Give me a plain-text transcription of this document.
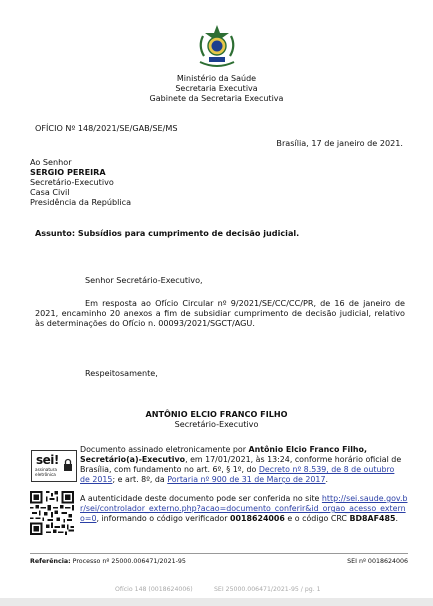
Ministério da Saúde
Secretaria Executiva
Gabinete da Secretaria Executiva
OFÍCIO Nº 148/2021/SE/GAB/SE/MS
Brasília, 17 de janeiro de 2021.
Ao Senhor
SERGIO PEREIRA
Secretário-Executivo
Casa Civil
Presidência da República
Assunto: Subsídios para cumprimento de decisão judicial.
Senhor Secretário-Executivo,
Em resposta ao Ofício Circular nº 9/2021/SE/CC/CC/PR, de 16 de janeiro de 2021, encaminho 20 anexos a fim de subsidiar cumprimento de decisão judicial, relativo às determinações do Ofício n. 00093/2021/SGCT/AGU.
Respeitosamente,
ANTÔNIO ELCIO FRANCO FILHO
Secretário-Executivo
sei!
assinatura
eletrônica
Documento assinado eletronicamente por Antônio Elcio Franco Filho, Secretário(a)-Executivo, em 17/01/2021, às 13:24, conforme horário oficial de Brasília, com fundamento no art. 6º, § 1º, do Decreto nº 8.539, de 8 de outubro de 2015; e art. 8º, da Portaria nº 900 de 31 de Março de 2017.
A autenticidade deste documento pode ser conferida no site http://sei.saude.gov.br/sei/controlador_externo.php?acao=documento_conferir&id_orgao_acesso_externo=0, informando o código verificador 0018624006 e o código CRC BD8AF485.
Referência: Processo nº 25000.006471/2021-95	SEI nº 0018624006
Ofício 148 (0018624006)	SEI 25000.006471/2021-95 / pg. 1
